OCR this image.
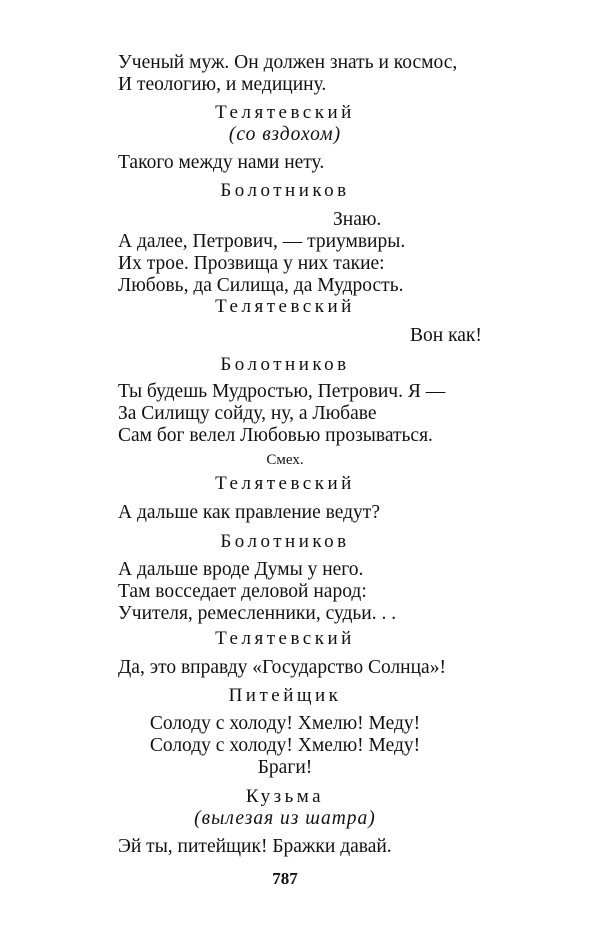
Ученый муж. Он должен знать и космос,
И теологию, и медицину.
Телятевский
(со вздохом)
Такого между нами нету.
Болотников
Знаю.
А далее, Петрович, — триумвиры.
Их трое. Прозвища у них такие:
Любовь, да Силища, да Мудрость.
Телятевский
Вон как!
Болотников
Ты будешь Мудростью, Петрович. Я —
За Силищу сойду, ну, а Любаве
Сам бог велел Любовью прозываться.
Смех.
Телятевский
А дальше как правление ведут?
Болотников
А дальше вроде Думы у него.
Там восседает деловой народ:
Учителя, ремесленники, судьи. . .
Телятевский
Да, это вправду «Государство Солнца»!
Питейщик
Солоду с холоду! Хмелю! Меду!
Солоду с холоду! Хмелю! Меду!
Браги!
Кузьма
(вылезая из шатра)
Эй ты, питейщик! Бражки давай.
787
